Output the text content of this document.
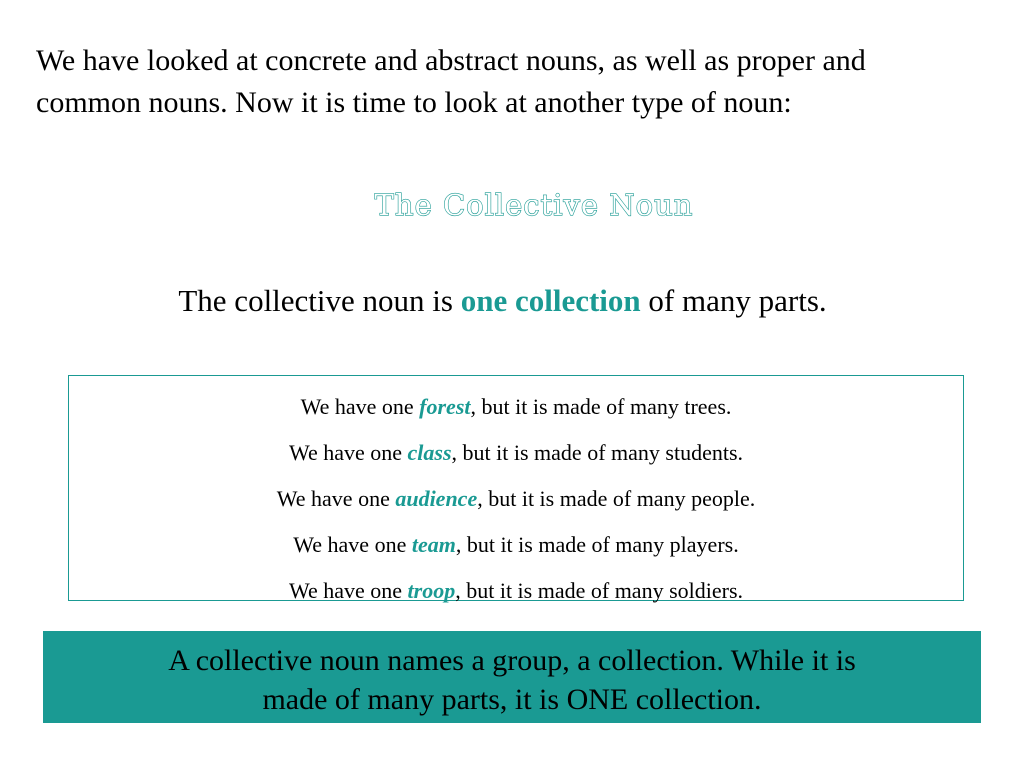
We have looked at concrete and abstract nouns, as well as proper and
common nouns. Now it is time to look at another type of noun:
The Collective Noun
The collective noun is one collection of many parts.
We have one forest, but it is made of many trees.
We have one class, but it is made of many students.
We have one audience, but it is made of many people.
We have one team, but it is made of many players.
We have one troop, but it is made of many soldiers.
A collective noun names a group, a collection. While it is
made of many parts, it is ONE collection.
